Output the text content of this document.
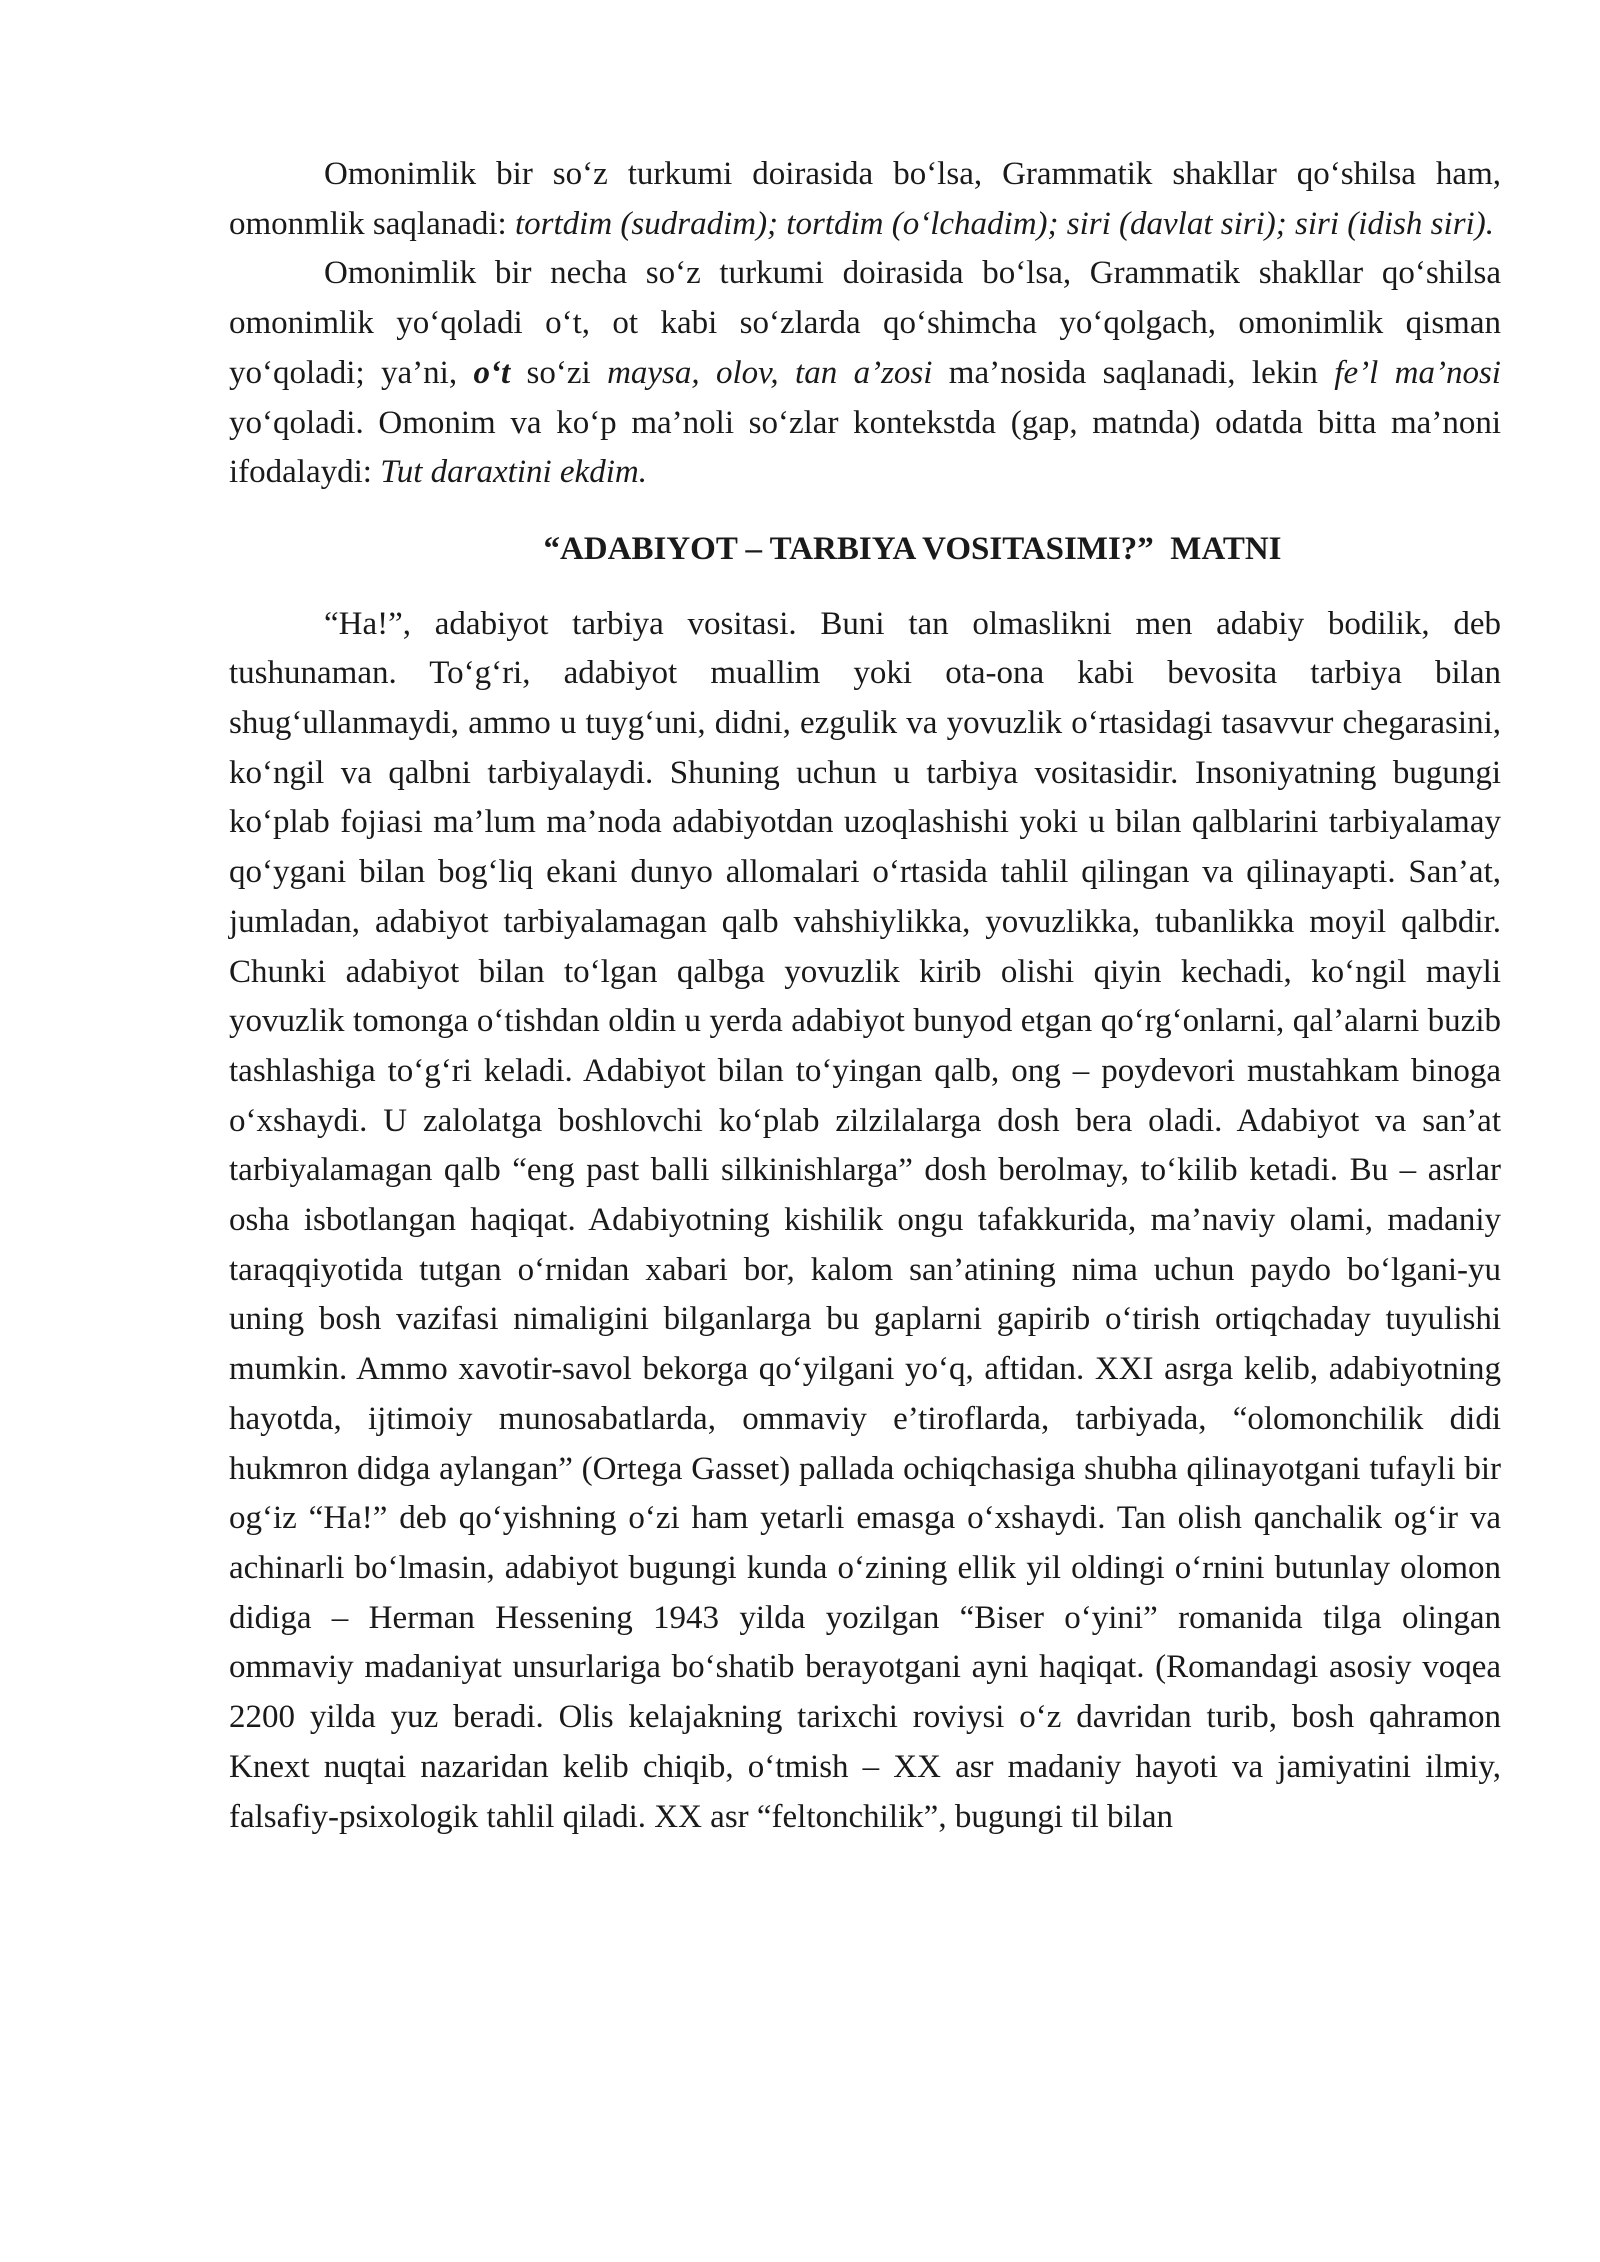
Omonimlik bir so‘z turkumi doirasida bo‘lsa, Grammatik shakllar qo‘shilsa ham, omonmlik saqlanadi: tortdim (sudradim); tortdim (o‘lchadim); siri (davlat siri); siri (idish siri).

Omonimlik bir necha so‘z turkumi doirasida bo‘lsa, Grammatik shakllar qo‘shilsa omonimlik yo‘qoladi o‘t, ot kabi so‘zlarda qo‘shimcha yo‘qolgach, omonimlik qisman yo‘qoladi; ya’ni, o‘t so‘zi maysa, olov, tan a’zosi ma’nosida saqlanadi, lekin fe’l ma’nosi yo‘qoladi. Omonim va ko‘p ma’noli so‘zlar kontekstda (gap, matnda) odatda bitta ma’noni ifodalaydi: Tut daraxtini ekdim.

“ADABIYOT – TARBIYA VOSITASIMI?” MATNI

“Ha!”, adabiyot tarbiya vositasi. Buni tan olmaslikni men adabiy bodilik, deb tushunaman. To‘g‘ri, adabiyot muallim yoki ota-ona kabi bevosita tarbiya bilan shug‘ullanmaydi, ammo u tuyg‘uni, didni, ezgulik va yovuzlik o‘rtasidagi tasavvur chegarasini, ko‘ngil va qalbni tarbiyalaydi. Shuning uchun u tarbiya vositasidir. Insoniyatning bugungi ko‘plab fojiasi ma’lum ma’noda adabiyotdan uzoqlashishi yoki u bilan qalblarini tarbiyalamay qo‘ygani bilan bog‘liq ekani dunyo allomalari o‘rtasida tahlil qilingan va qilinayapti. San’at, jumladan, adabiyot tarbiyalamagan qalb vahshiylikka, yovuzlikka, tubanlikka moyil qalbdir. Chunki adabiyot bilan to‘lgan qalbga yovuzlik kirib olishi qiyin kechadi, ko‘ngil mayli yovuzlik tomonga o‘tishdan oldin u yerda adabiyot bunyod etgan qo‘rg‘onlarni, qal’alarni buzib tashlashiga to‘g‘ri keladi. Adabiyot bilan to‘yingan qalb, ong – poydevori mustahkam binoga o‘xshaydi. U zalolatga boshlovchi ko‘plab zilzilalarga dosh bera oladi. Adabiyot va san’at tarbiyalamagan qalb “eng past balli silkinishlarga” dosh berolmay, to‘kilib ketadi. Bu – asrlar osha isbotlangan haqiqat. Adabiyotning kishilik ongu tafakkurida, ma’naviy olami, madaniy taraqqiyotida tutgan o‘rnidan xabari bor, kalom san’atining nima uchun paydo bo‘lgani-yu uning bosh vazifasi nimaligini bilganlarga bu gaplarni gapirib o‘tirish ortiqchaday tuyulishi mumkin. Ammo xavotir-savol bekorga qo‘yilgani yo‘q, aftidan. XXI asrga kelib, adabiyotning hayotda, ijtimoiy munosabatlarda, ommaviy e’tiroflarda, tarbiyada, “olomonchilik didi hukmron didga aylangan” (Ortega Gasset) pallada ochiqchasiga shubha qilinayotgani tufayli bir og‘iz “Ha!” deb qo‘yishning o‘zi ham yetarli emasga o‘xshaydi. Tan olish qanchalik og‘ir va achinarli bo‘lmasin, adabiyot bugungi kunda o‘zining ellik yil oldingi o‘rnini butunlay olomon didiga – Herman Hessening 1943 yilda yozilgan “Biser o‘yini” romanida tilga olingan ommaviy madaniyat unsurlariga bo‘shatib berayotgani ayni haqiqat. (Romandagi asosiy voqea 2200 yilda yuz beradi. Olis kelajakning tarixchi roviysi o‘z davridan turib, bosh qahramon Knext nuqtai nazaridan kelib chiqib, o‘tmish – XX asr madaniy hayoti va jamiyatini ilmiy, falsafiy-psixologik tahlil qiladi. XX asr “feltonchilik”, bugungi til bilan
